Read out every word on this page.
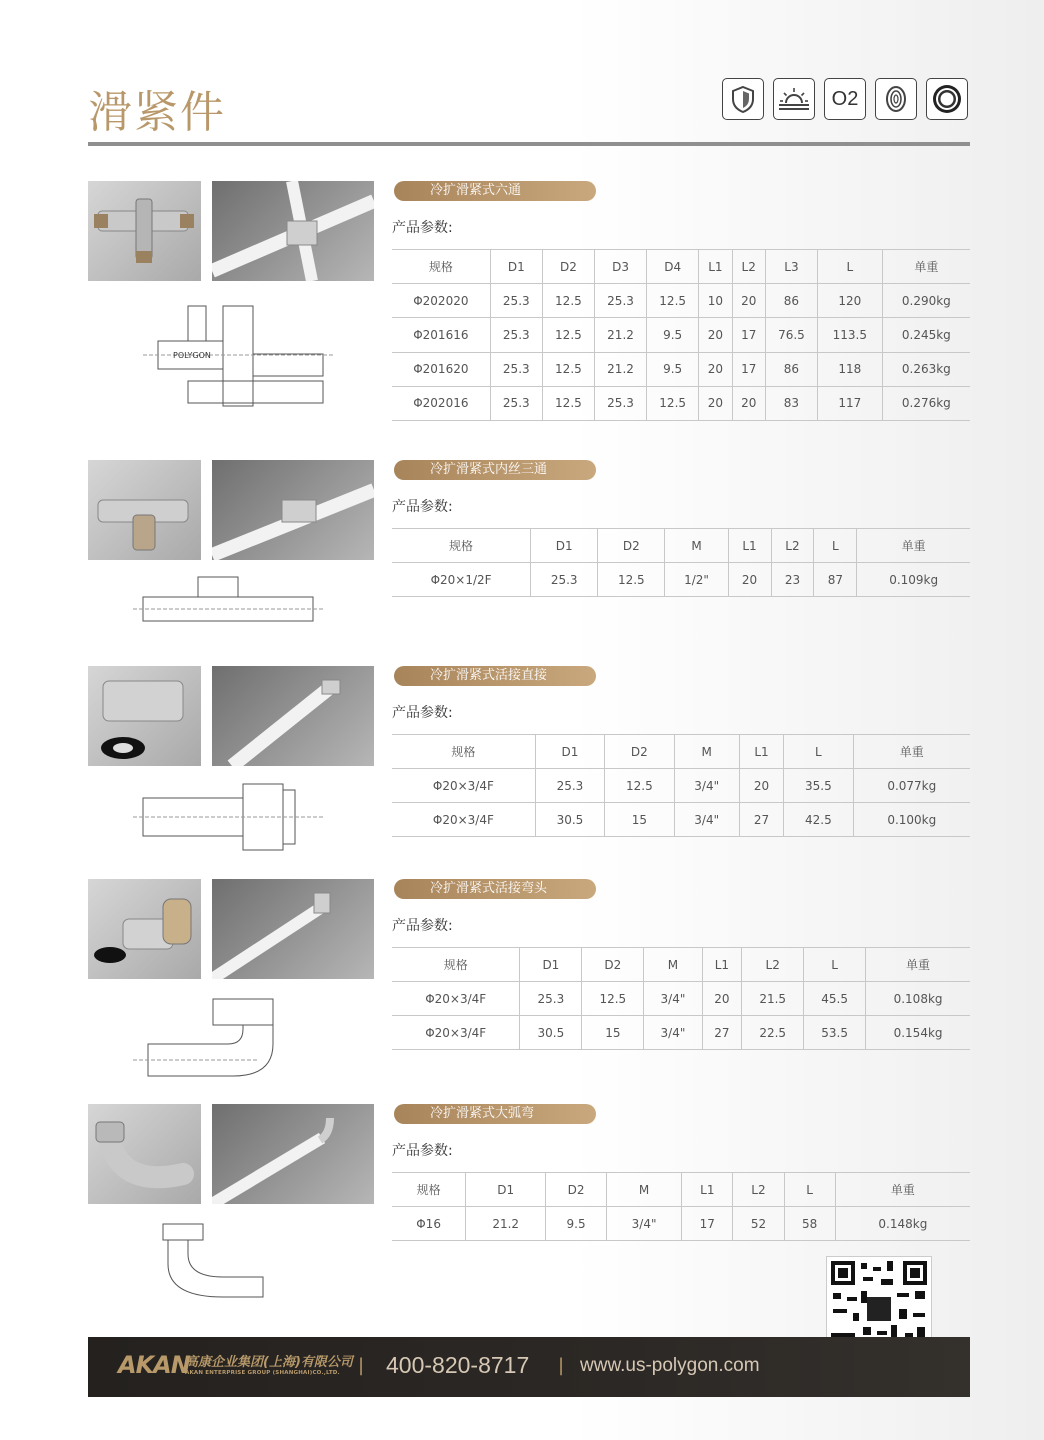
滑紧件	O2
POLYGON
冷扩滑紧式六通
产品参数:
规格	D1	D2	D3	D4	L1	L2	L3	L	单重
Φ202020	25.3	12.5	25.3	12.5	10	20	86	120	0.290kg
Φ201616	25.3	12.5	21.2	9.5	20	17	76.5	113.5	0.245kg
Φ201620	25.3	12.5	21.2	9.5	20	17	86	118	0.263kg
Φ202016	25.3	12.5	25.3	12.5	20	20	83	117	0.276kg
冷扩滑紧式内丝三通
产品参数:
规格	D1	D2	M	L1	L2	L	单重
Φ20×1/2F	25.3	12.5	1/2"	20	23	87	0.109kg
冷扩滑紧式活接直接
产品参数:
规格	D1	D2	M	L1	L	单重
Φ20×3/4F	25.3	12.5	3/4"	20	35.5	0.077kg
Φ20×3/4F	30.5	15	3/4"	27	42.5	0.100kg
冷扩滑紧式活接弯头
产品参数:
规格	D1	D2	M	L1	L2	L	单重
Φ20×3/4F	25.3	12.5	3/4"	20	21.5	45.5	0.108kg
Φ20×3/4F	30.5	15	3/4"	27	22.5	53.5	0.154kg
冷扩滑紧式大弧弯
产品参数:
规格	D1	D2	M	L1	L2	L	单重
Φ16	21.2	9.5	3/4"	17	52	58	0.148kg
AKAN
高康企业集团(上海)有限公司
AKAN ENTERPRISE GROUP (SHANGHAI)CO.,LTD. | 400-820-8717 | www.us-polygon.com
